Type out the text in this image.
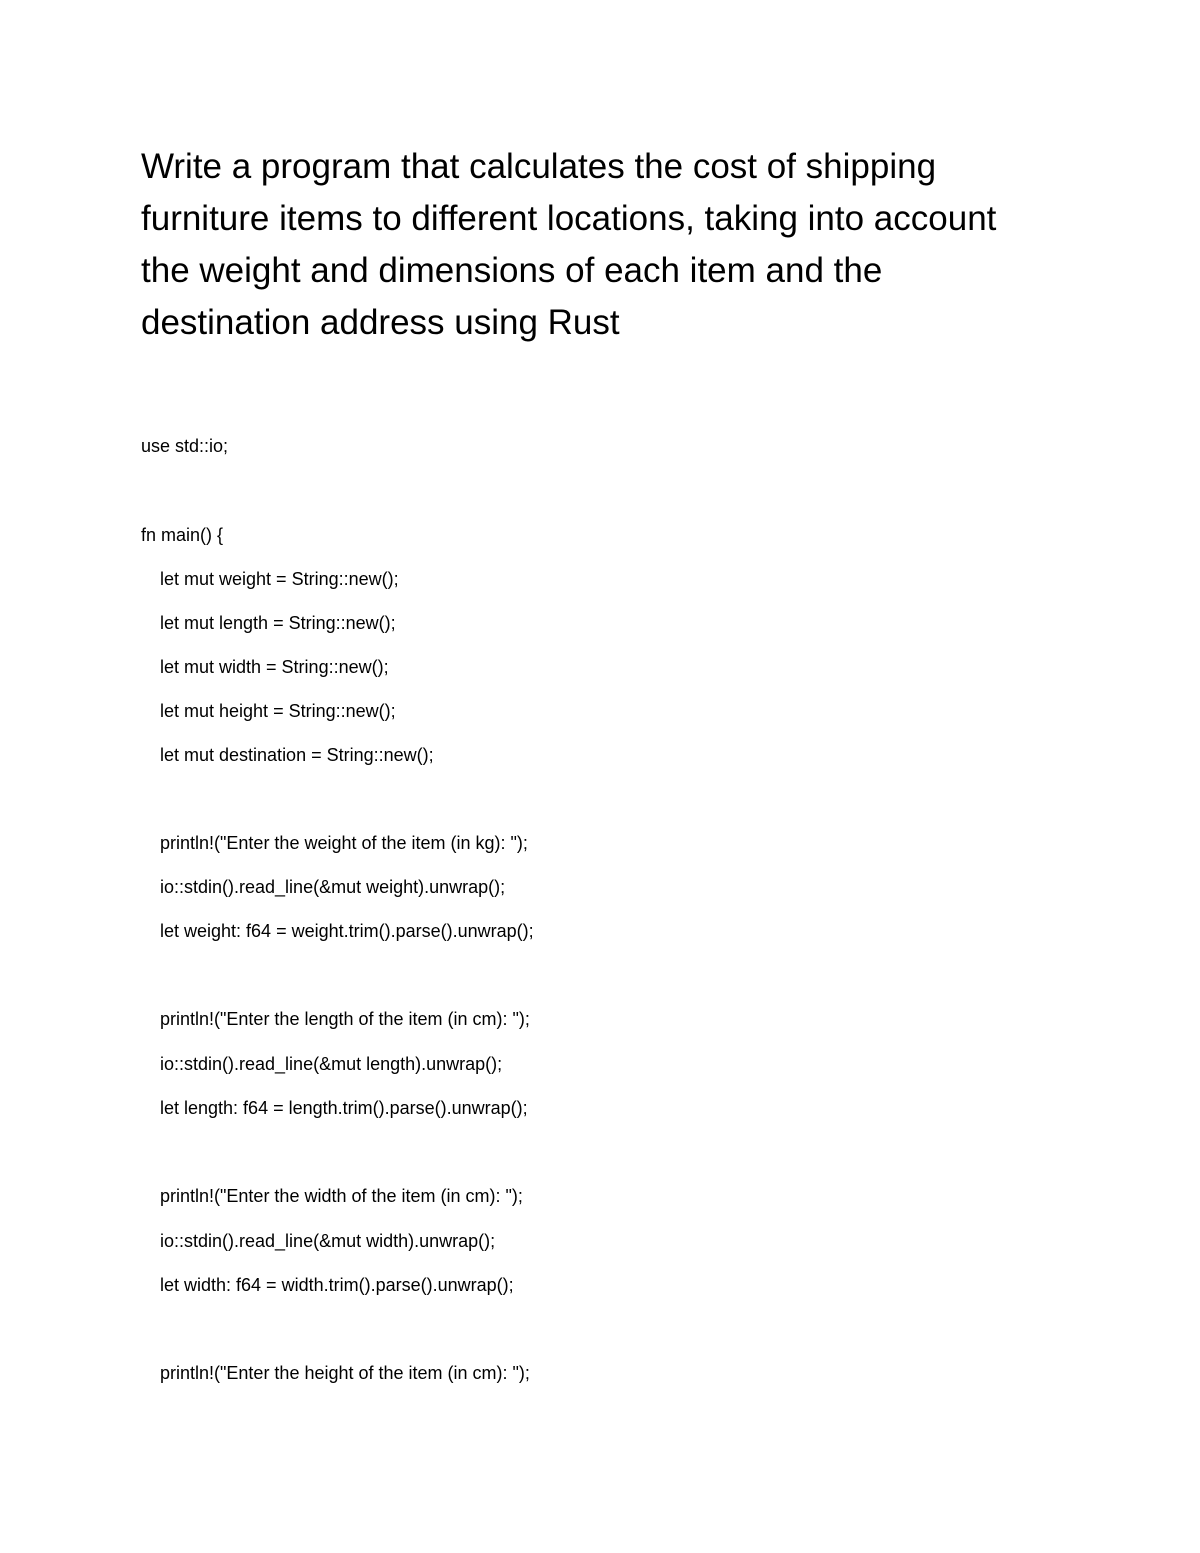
Write a program that calculates the cost of shipping
furniture items to different locations, taking into account
the weight and dimensions of each item and the
destination address using Rust
use std::io;
fn main() {
let mut weight = String::new();
let mut length = String::new();
let mut width = String::new();
let mut height = String::new();
let mut destination = String::new();
println!("Enter the weight of the item (in kg): ");
io::stdin().read_line(&mut weight).unwrap();
let weight: f64 = weight.trim().parse().unwrap();
println!("Enter the length of the item (in cm): ");
io::stdin().read_line(&mut length).unwrap();
let length: f64 = length.trim().parse().unwrap();
println!("Enter the width of the item (in cm): ");
io::stdin().read_line(&mut width).unwrap();
let width: f64 = width.trim().parse().unwrap();
println!("Enter the height of the item (in cm): ");
